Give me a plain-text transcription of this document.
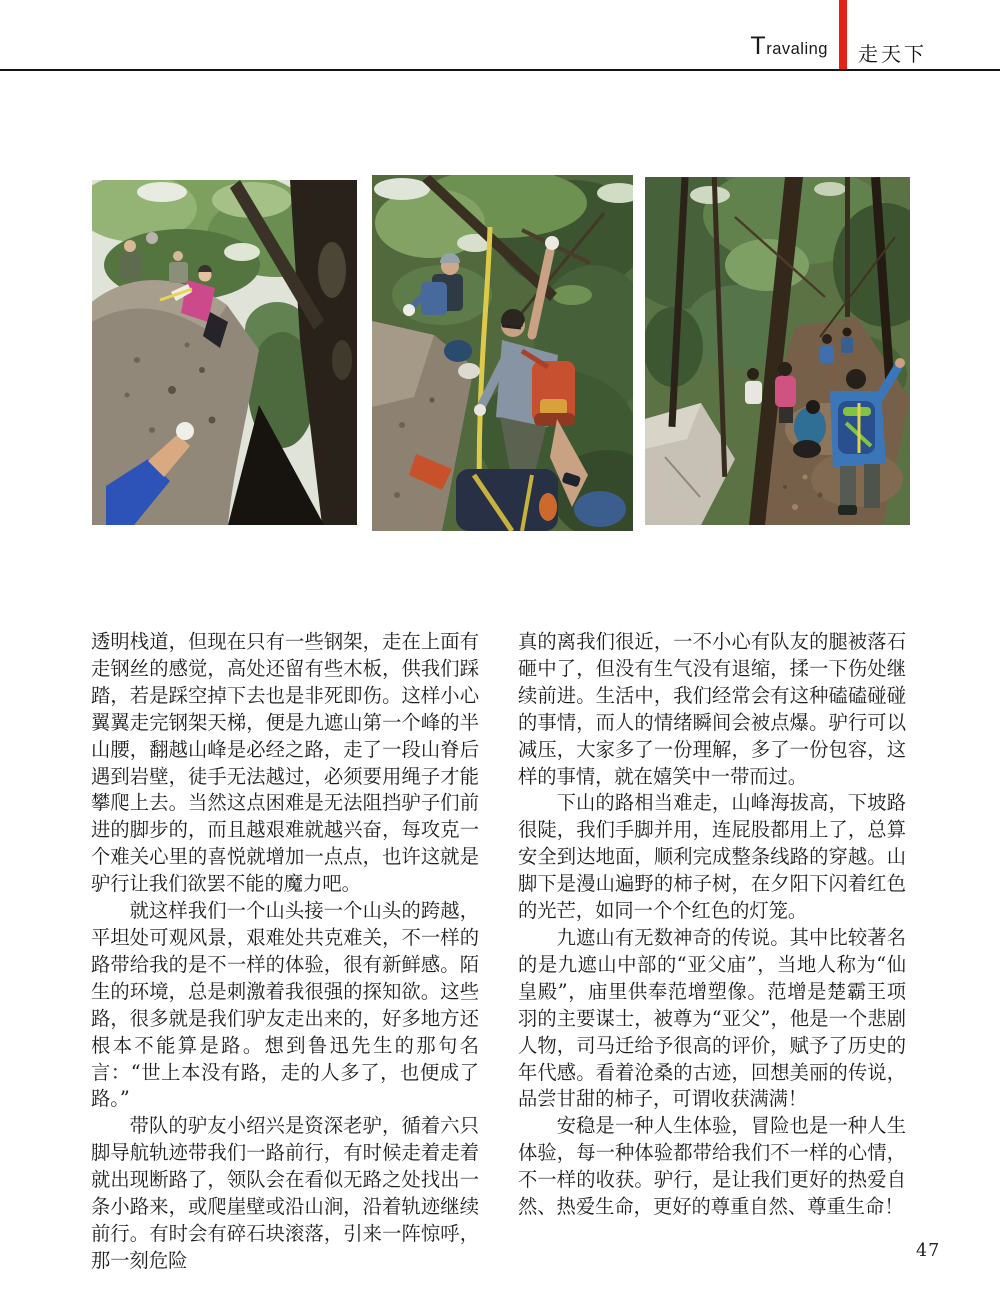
Travaling 走天下

透明栈道，但现在只有一些钢架，走在上面有走钢丝的感觉，高处还留有些木板，供我们踩踏，若是踩空掉下去也是非死即伤。这样小心翼翼走完钢架天梯，便是九遮山第一个峰的半山腰，翻越山峰是必经之路，走了一段山脊后遇到岩壁，徒手无法越过，必须要用绳子才能攀爬上去。当然这点困难是无法阻挡驴子们前进的脚步的，而且越艰难就越兴奋，每攻克一个难关心里的喜悦就增加一点点，也许这就是驴行让我们欲罢不能的魔力吧。

就这样我们一个山头接一个山头的跨越，平坦处可观风景，艰难处共克难关，不一样的路带给我的是不一样的体验，很有新鲜感。陌生的环境，总是刺激着我很强的探知欲。这些路，很多就是我们驴友走出来的，好多地方还根本不能算是路。想到鲁迅先生的那句名言：“世上本没有路，走的人多了，也便成了路。”

带队的驴友小绍兴是资深老驴，循着六只脚导航轨迹带我们一路前行，有时候走着走着就出现断路了，领队会在看似无路之处找出一条小路来，或爬崖壁或沿山涧，沿着轨迹继续前行。有时会有碎石块滚落，引来一阵惊呼，那一刻危险

真的离我们很近，一不小心有队友的腿被落石砸中了，但没有生气没有退缩，揉一下伤处继续前进。生活中，我们经常会有这种磕磕碰碰的事情，而人的情绪瞬间会被点爆。驴行可以减压，大家多了一份理解，多了一份包容，这样的事情，就在嬉笑中一带而过。

下山的路相当难走，山峰海拔高，下坡路很陡，我们手脚并用，连屁股都用上了，总算安全到达地面，顺利完成整条线路的穿越。山脚下是漫山遍野的柿子树，在夕阳下闪着红色的光芒，如同一个个红色的灯笼。

九遮山有无数神奇的传说。其中比较著名的是九遮山中部的“亚父庙”，当地人称为“仙皇殿”，庙里供奉范增塑像。范增是楚霸王项羽的主要谋士，被尊为“亚父”，他是一个悲剧人物，司马迁给予很高的评价，赋予了历史的年代感。看着沧桑的古迹，回想美丽的传说，品尝甘甜的柿子，可谓收获满满！

安稳是一种人生体验，冒险也是一种人生体验，每一种体验都带给我们不一样的心情，不一样的收获。驴行，是让我们更好的热爱自然、热爱生命，更好的尊重自然、尊重生命！

47
